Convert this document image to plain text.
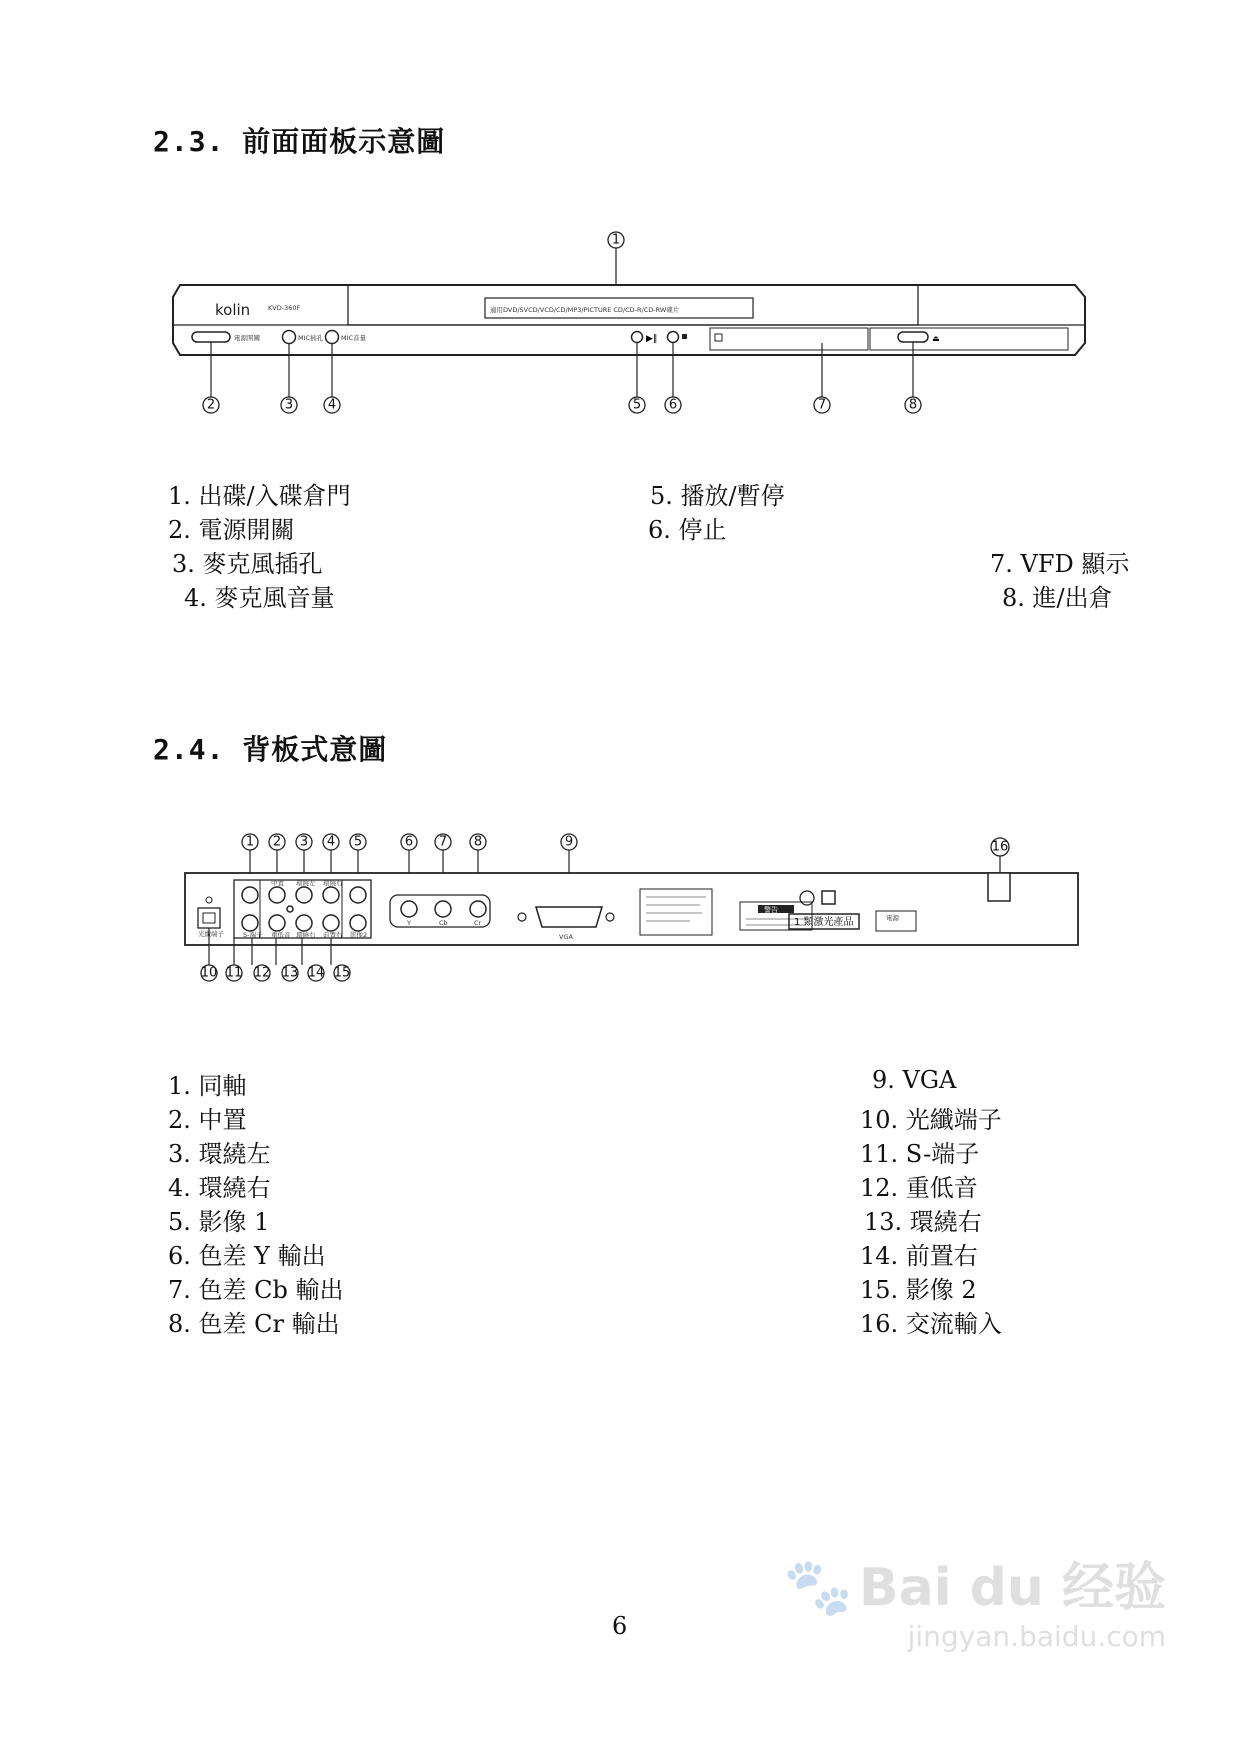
2.3. 前面面板示意圖
1
適用DVD/SVCD/VCD/CD/MP3/PICTURE CD/CD-R/CD-RW碟片
kolin	KVD-360F
電源開關	MIC插孔	MIC音量	▶‖	⏏
2	3	4	5 6	7	8
1. 出碟/入碟倉門
2. 電源開關
3. 麥克風插孔
4. 麥克風音量
5. 播放/暫停
6. 停止
7. VFD 顯示
8. 進/出倉
2.4. 背板式意圖
1 2 3 4 5	6 7 8	9	16
光纖端子
中置 環繞左 環繞右
S-端子 重低音 環繞右 前置右 影像2
Y	Cb	Cr
VGA
警告
1 類激光產品	電源
10 11 12 13 14 15
1. 同軸
2. 中置
3. 環繞左
4. 環繞右
5. 影像 1
6. 色差 Y 輸出
7. 色差 Cb 輸出
8. 色差 Cr 輸出
9. VGA
10. 光纖端子
11. S-端子
12. 重低音
13. 環繞右
14. 前置右
15. 影像 2
16. 交流輸入
6
🐾 Bai du 经验
jingyan.baidu.com
